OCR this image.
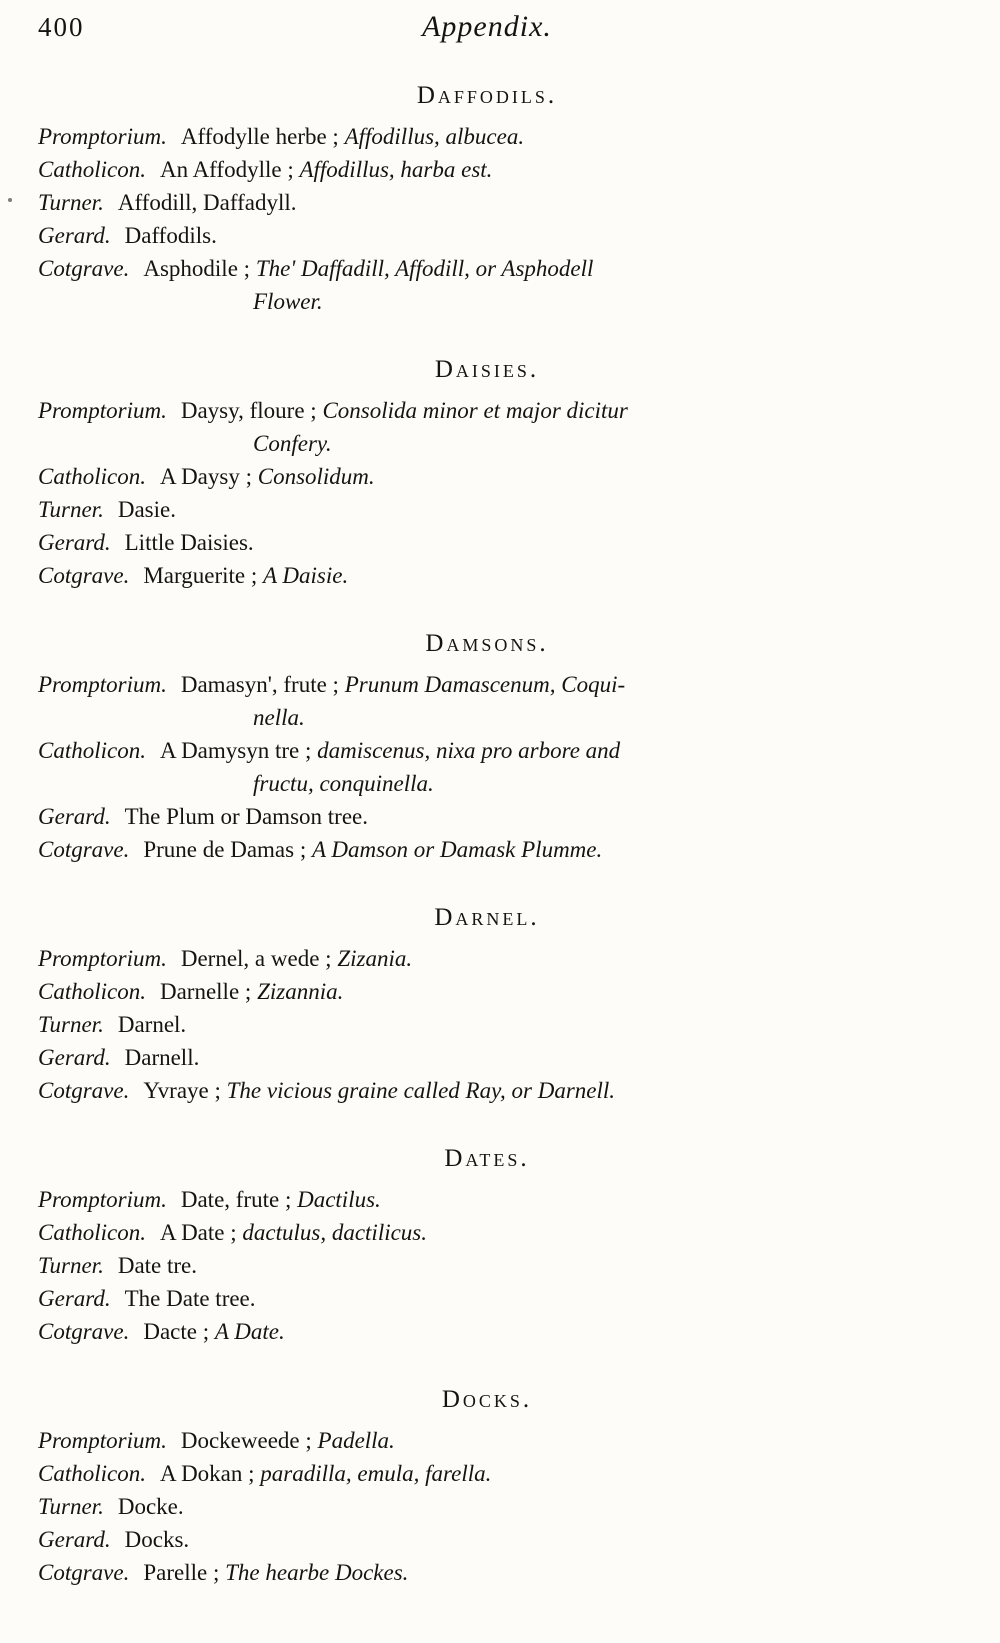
400	Appendix.
Daffodils.
Promptorium. Affodylle herbe ; Affodillus, albucea.
Catholicon. An Affodylle ; Affodillus, harba est.
Turner. Affodill, Daffadyll.
Gerard. Daffodils.
Cotgrave. Asphodile ; The' Daffadill, Affodill, or Asphodell
Flower.
Daisies.
Promptorium. Daysy, floure ; Consolida minor et major dicitur
Confery.
Catholicon. A Daysy ; Consolidum.
Turner. Dasie.
Gerard. Little Daisies.
Cotgrave. Marguerite ; A Daisie.
Damsons.
Promptorium. Damasyn', frute ; Prunum Damascenum, Coqui-
nella.
Catholicon. A Damysyn tre ; damiscenus, nixa pro arbore and
fructu, conquinella.
Gerard. The Plum or Damson tree.
Cotgrave. Prune de Damas ; A Damson or Damask Plumme.
Darnel.
Promptorium. Dernel, a wede ; Zizania.
Catholicon. Darnelle ; Zizannia.
Turner. Darnel.
Gerard. Darnell.
Cotgrave. Yvraye ; The vicious graine called Ray, or Darnell.
Dates.
Promptorium. Date, frute ; Dactilus.
Catholicon. A Date ; dactulus, dactilicus.
Turner. Date tre.
Gerard. The Date tree.
Cotgrave. Dacte ; A Date.
Docks.
Promptorium. Dockeweede ; Padella.
Catholicon. A Dokan ; paradilla, emula, farella.
Turner. Docke.
Gerard. Docks.
Cotgrave. Parelle ; The hearbe Dockes.
